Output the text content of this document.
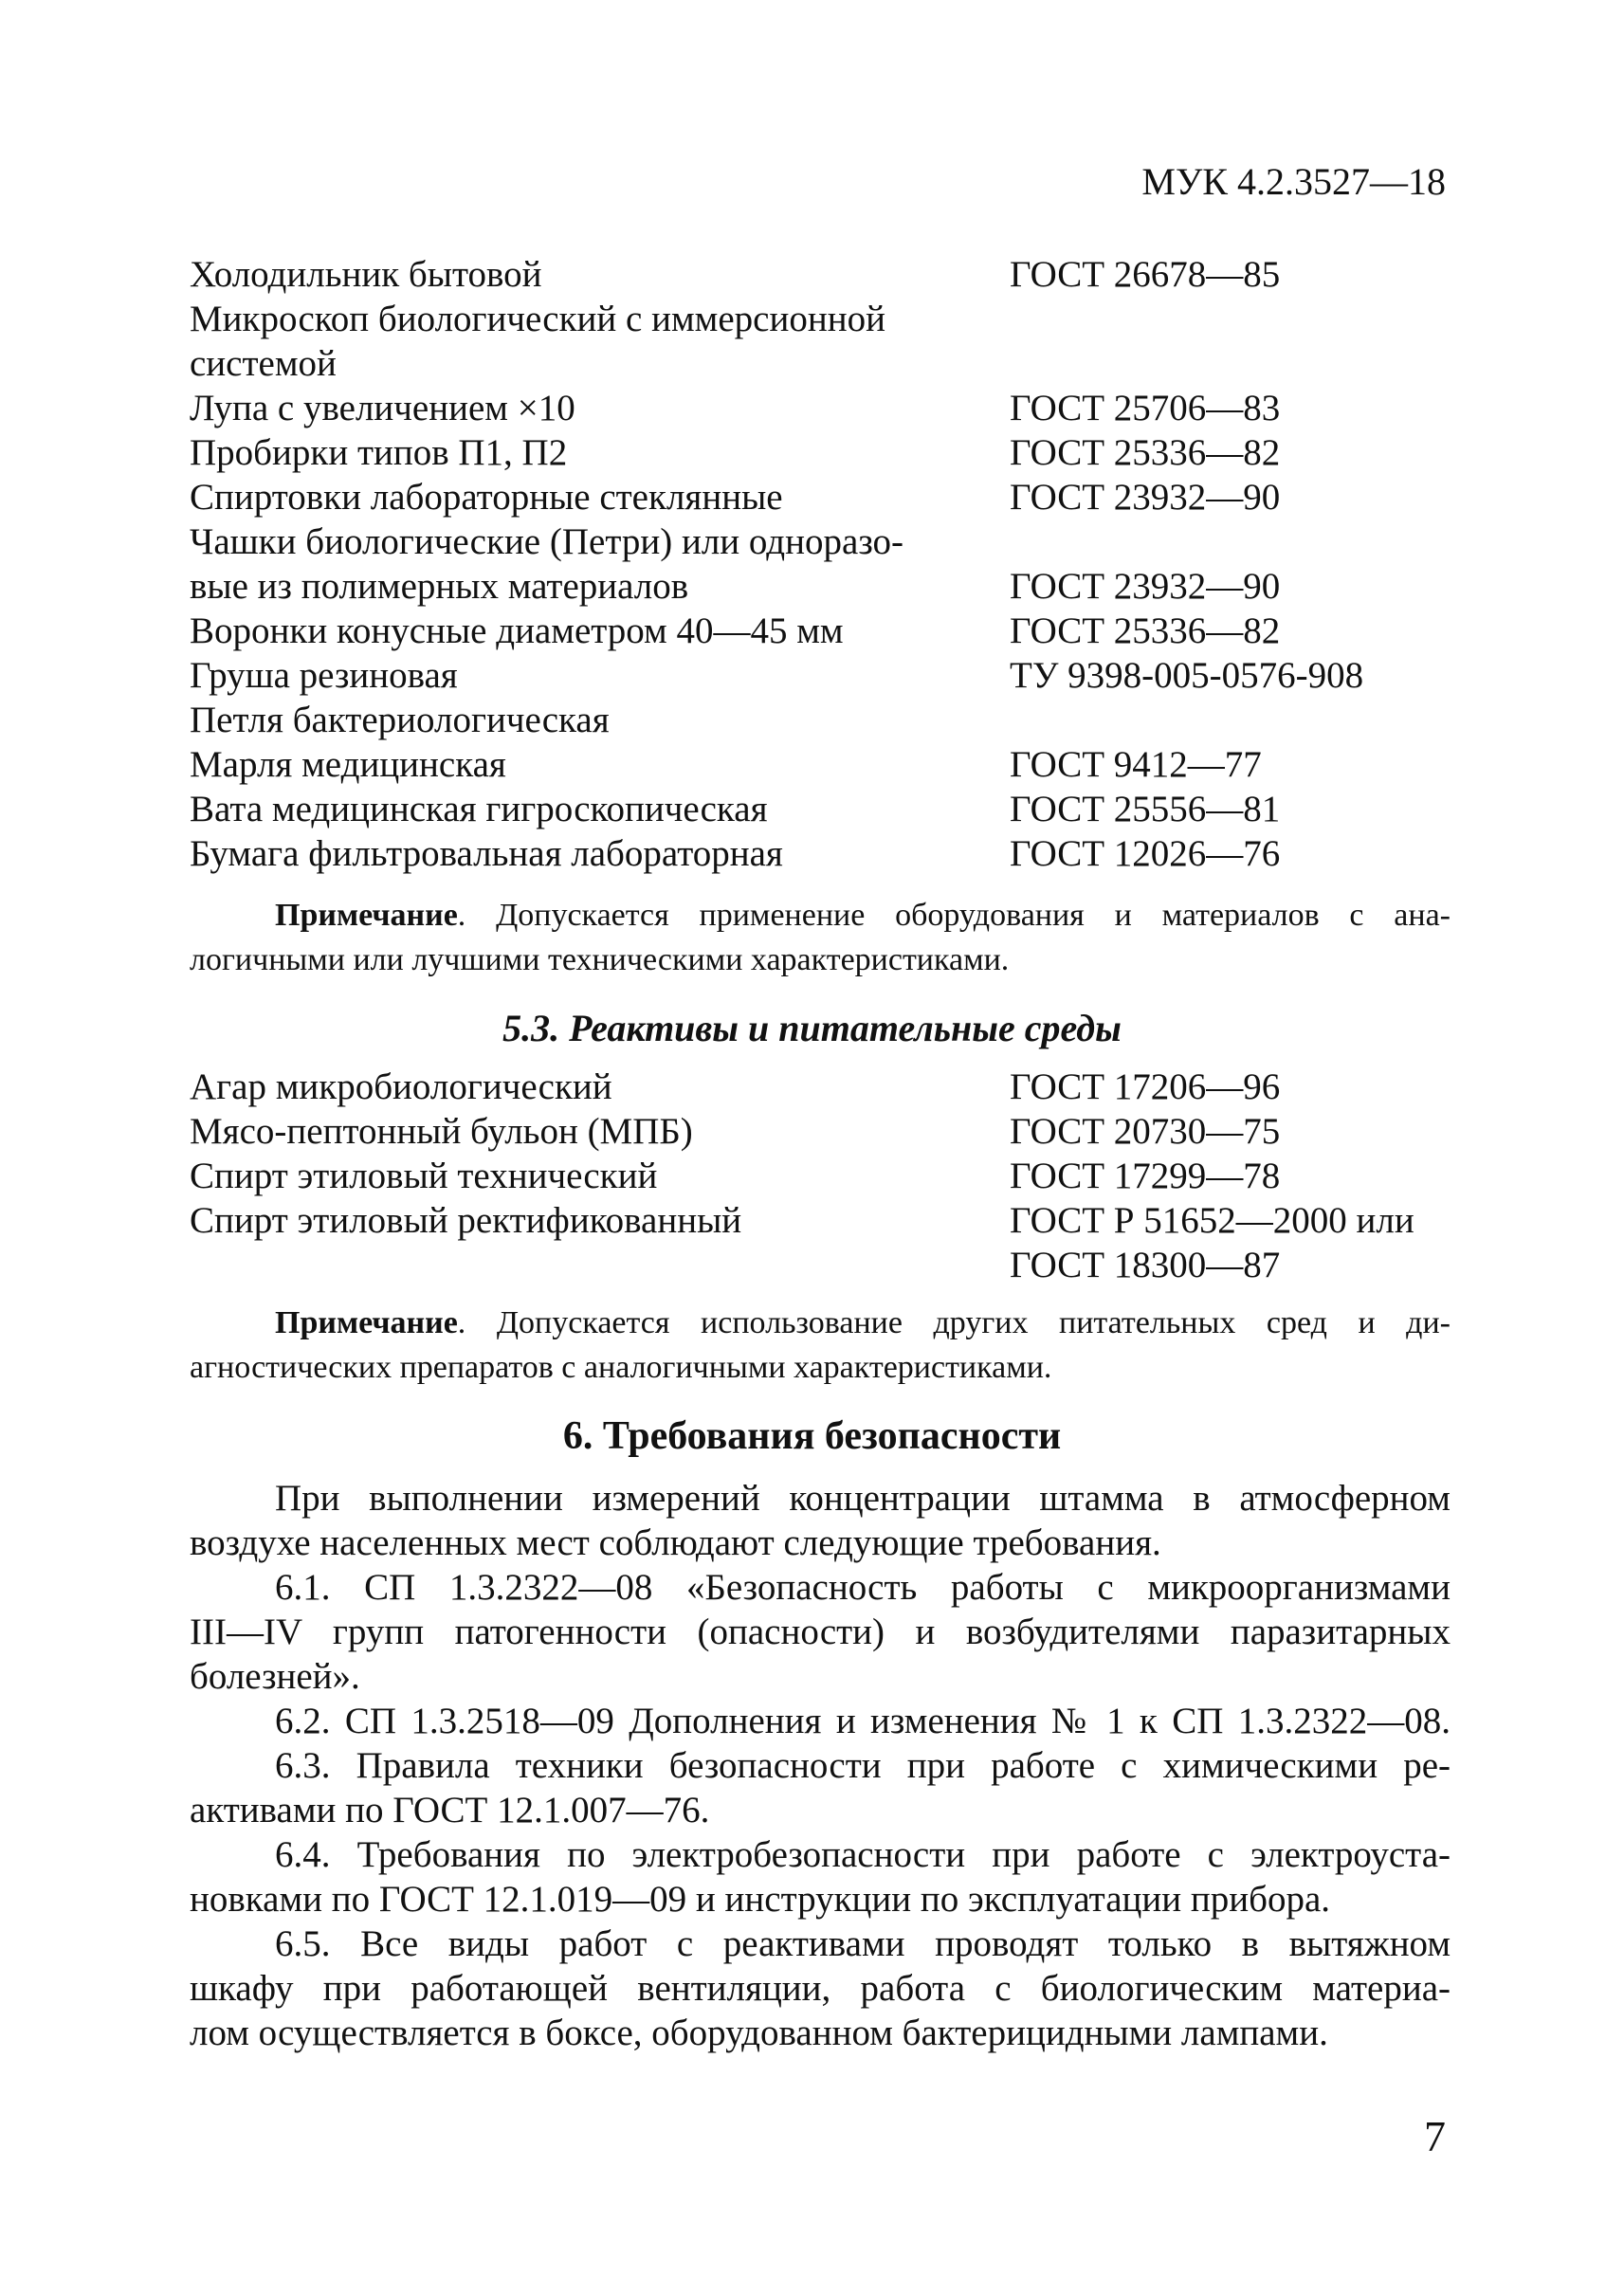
МУК 4.2.3527—18
Холодильник бытовой	ГОСТ 26678—85
Микроскоп биологический с иммерсионной
системой
Лупа с увеличением ×10	ГОСТ 25706—83
Пробирки типов П1, П2	ГОСТ 25336—82
Спиртовки лабораторные стеклянные	ГОСТ 23932—90
Чашки биологические (Петри) или одноразо-
вые из полимерных материалов	ГОСТ 23932—90
Воронки конусные диаметром 40—45 мм	ГОСТ 25336—82
Груша резиновая	ТУ 9398-005-0576-908
Петля бактериологическая
Марля медицинская	ГОСТ 9412—77
Вата медицинская гигроскопическая	ГОСТ 25556—81
Бумага фильтровальная лабораторная	ГОСТ 12026—76
Примечание. Допускается применение оборудования и материалов с ана-
логичными или лучшими техническими характеристиками.
5.3. Реактивы и питательные среды
Агар микробиологический	ГОСТ 17206—96
Мясо-пептонный бульон (МПБ)	ГОСТ 20730—75
Спирт этиловый технический	ГОСТ 17299—78
Спирт этиловый ректификованный	ГОСТ Р 51652—2000 или
ГОСТ 18300—87
Примечание. Допускается использование других питательных сред и ди-
агностических препаратов с аналогичными характеристиками.
6. Требования безопасности
При выполнении измерений концентрации штамма в атмосферном
воздухе населенных мест соблюдают следующие требования.
6.1. СП 1.3.2322—08 «Безопасность работы с микроорганизмами
III—IV групп патогенности (опасности) и возбудителями паразитарных
болезней».
6.2. СП 1.3.2518—09 Дополнения и изменения № 1 к СП 1.3.2322—08.
6.3. Правила техники безопасности при работе с химическими ре-
активами по ГОСТ 12.1.007—76.
6.4. Требования по электробезопасности при работе с электроуста-
новками по ГОСТ 12.1.019—09 и инструкции по эксплуатации прибора.
6.5. Все виды работ с реактивами проводят только в вытяжном
шкафу при работающей вентиляции, работа с биологическим материа-
лом осуществляется в боксе, оборудованном бактерицидными лампами.
7
